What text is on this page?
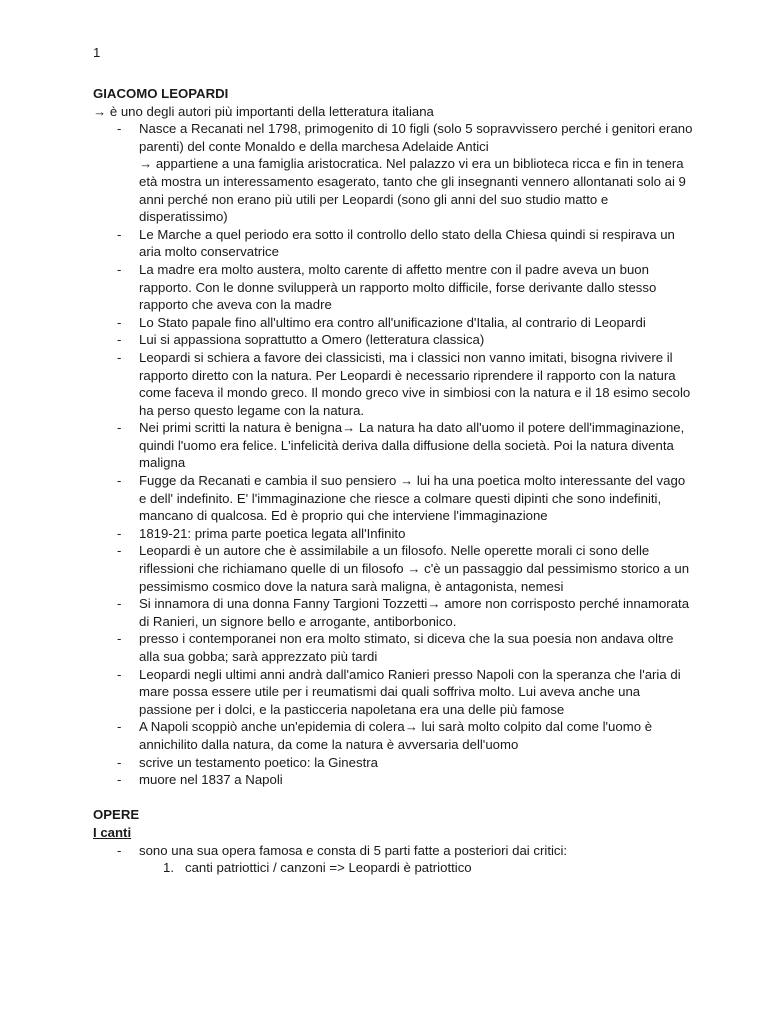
1
GIACOMO LEOPARDI
→ è uno degli autori più importanti della letteratura italiana
- Nasce a Recanati nel 1798, primogenito di 10 figli (solo 5 sopravvissero perché i genitori erano parenti) del conte Monaldo e della marchesa Adelaide Antici
→ appartiene a una famiglia aristocratica. Nel palazzo vi era un biblioteca ricca e fin in tenera età mostra un interessamento esagerato, tanto che gli insegnanti vennero allontanati solo ai 9 anni perché non erano più utili per Leopardi (sono gli anni del suo studio matto e disperatissimo)
- Le Marche a quel periodo era sotto il controllo dello stato della Chiesa quindi si respirava un aria molto conservatrice
- La madre era molto austera, molto carente di affetto mentre con il padre aveva un buon rapporto. Con le donne svilupperà un rapporto molto difficile, forse derivante dallo stesso rapporto che aveva con la madre
- Lo Stato papale fino all'ultimo era contro all'unificazione d'Italia, al contrario di Leopardi
- Lui si appassiona soprattutto a Omero (letteratura classica)
- Leopardi si schiera a favore dei classicisti, ma i classici non vanno imitati, bisogna rivivere il rapporto diretto con la natura. Per Leopardi è necessario riprendere il rapporto con la natura come faceva il mondo greco. Il mondo greco vive in simbiosi con la natura e il 18 esimo secolo ha perso questo legame con la natura.
- Nei primi scritti la natura è benigna→ La natura ha dato all'uomo il potere dell'immaginazione, quindi l'uomo era felice. L'infelicità deriva dalla diffusione della società. Poi la natura diventa maligna
- Fugge da Recanati e cambia il suo pensiero → lui ha una poetica molto interessante del vago e dell' indefinito. E' l'immaginazione che riesce a colmare questi dipinti che sono indefiniti, mancano di qualcosa. Ed è proprio qui che interviene l'immaginazione
- 1819-21: prima parte poetica legata all'Infinito
- Leopardi è un autore che è assimilabile a un filosofo. Nelle operette morali ci sono delle riflessioni che richiamano quelle di un filosofo → c'è un passaggio dal pessimismo storico a un pessimismo cosmico dove la natura sarà maligna, è antagonista, nemesi
- Si innamora di una donna Fanny Targioni Tozzetti→ amore non corrisposto perché innamorata di Ranieri, un signore bello e arrogante, antiborbonico.
- presso i contemporanei non era molto stimato, si diceva che la sua poesia non andava oltre alla sua gobba; sarà apprezzato più tardi
- Leopardi negli ultimi anni andrà dall'amico Ranieri presso Napoli con la speranza che l'aria di mare possa essere utile per i reumatismi dai quali soffriva molto. Lui aveva anche una passione per i dolci, e la pasticceria napoletana era una delle più famose
- A Napoli scoppiò anche un'epidemia di colera→ lui sarà molto colpito dal come l'uomo è annichilito dalla natura, da come la natura è avversaria dell'uomo
- scrive un testamento poetico: la Ginestra
- muore nel 1837 a Napoli
OPERE
I canti
- sono una sua opera famosa e consta di 5 parti fatte a posteriori dai critici:
1. canti patriottici / canzoni => Leopardi è patriottico
